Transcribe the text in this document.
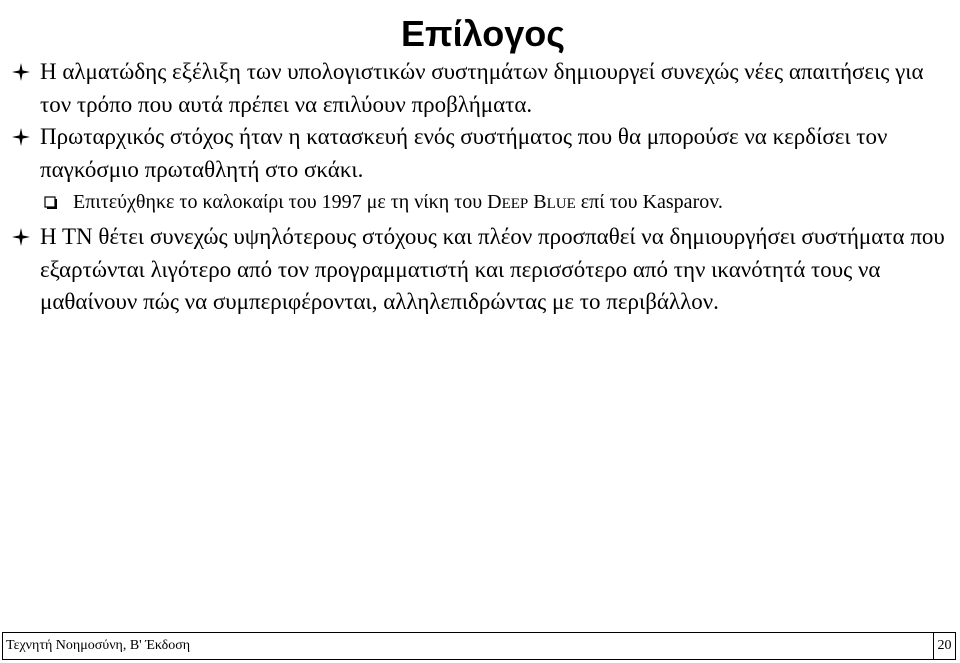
Επίλογος
Η αλματώδης εξέλιξη των υπολογιστικών συστημάτων δημιουργεί συνεχώς νέες απαιτήσεις για τον τρόπο που αυτά πρέπει να επιλύουν προβλήματα.
Πρωταρχικός στόχος ήταν η κατασκευή ενός συστήματος που θα μπορούσε να κερδίσει τον παγκόσμιο πρωταθλητή στο σκάκι.
Επιτεύχθηκε το καλοκαίρι του 1997 με τη νίκη του DEEP BLUE επί του Kasparov.
Η ΤΝ θέτει συνεχώς υψηλότερους στόχους και πλέον προσπαθεί να δημιουργήσει συστήματα που εξαρτώνται λιγότερο από τον προγραμματιστή και περισσότερο από την ικανότητά τους να μαθαίνουν πώς να συμπεριφέρονται, αλληλεπιδρώντας με το περιβάλλον.
Τεχνητή Νοημοσύνη, Β' Έκδοση	20
